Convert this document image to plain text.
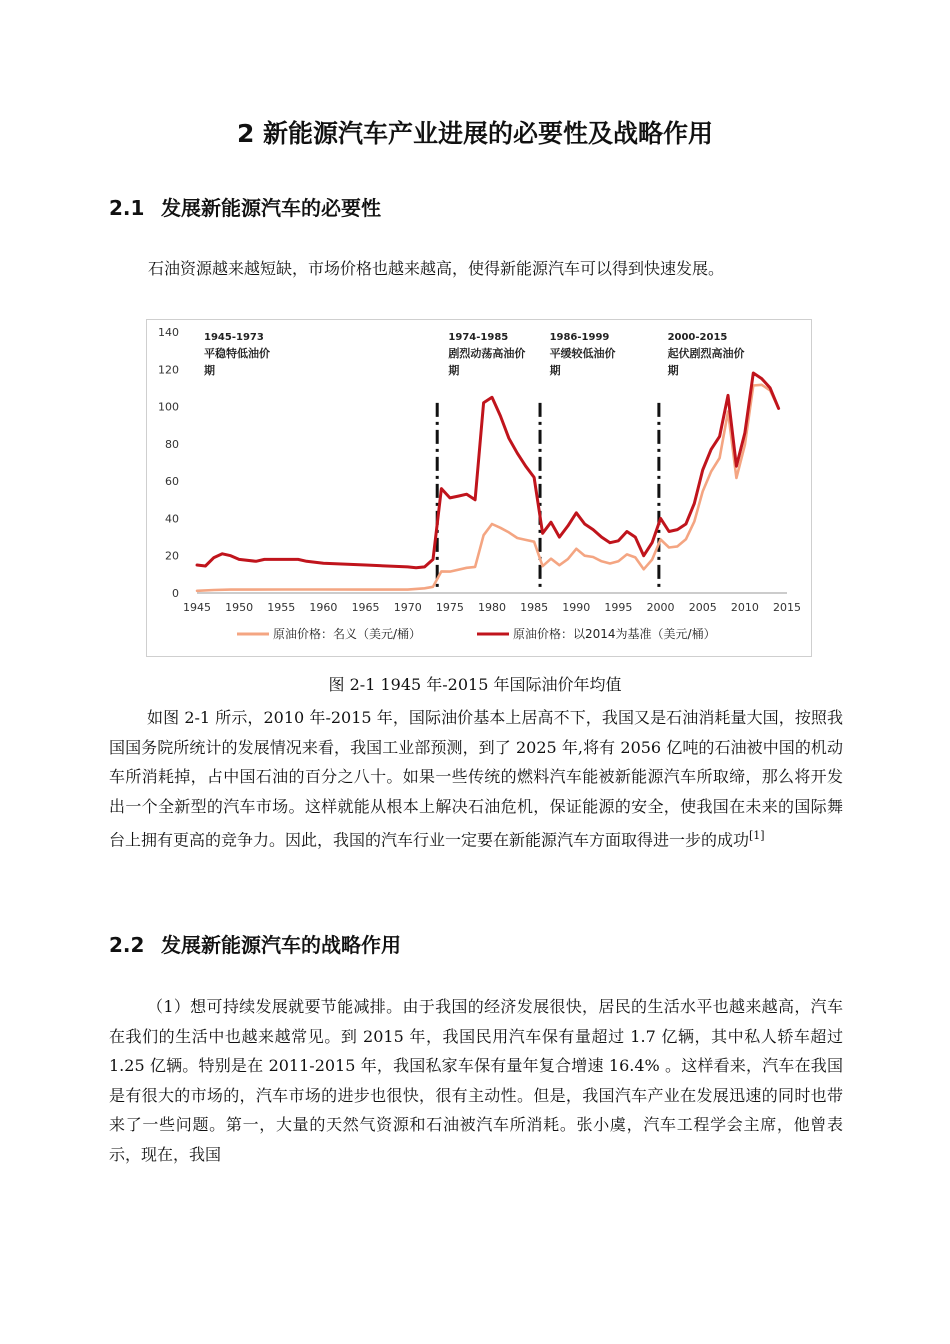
2 新能源汽车产业进展的必要性及战略作用
2.1 发展新能源汽车的必要性
石油资源越来越短缺，市场价格也越来越高，使得新能源汽车可以得到快速发展。
0
20
40
60
80
100
120
140
1945 1950 1955 1960 1965 1970 1975 1980 1985 1990 1995 2000 2005 2010 2015
1945-1973
平稳特低油价
期
1974-1985
剧烈动荡高油价
期
1986-1999
平缓较低油价
期
2000-2015
起伏剧烈高油价
期
原油价格：名义（美元/桶）	原油价格：以2014为基准（美元/桶）
图 2-1 1945 年-2015 年国际油价年均值
如图 2-1 所示，2010 年-2015 年，国际油价基本上居高不下，我国又是石油消耗量大国，按照我国国务院所统计的发展情况来看，我国工业部预测，到了 2025 年,将有 2056 亿吨的石油被中国的机动车所消耗掉，占中国石油的百分之八十。如果一些传统的燃料汽车能被新能源汽车所取缔，那么将开发出一个全新型的汽车市场。这样就能从根本上解决石油危机，保证能源的安全，使我国在未来的国际舞台上拥有更高的竞争力。因此，我国的汽车行业一定要在新能源汽车方面取得进一步的成功[1]
2.2 发展新能源汽车的战略作用
（1）想可持续发展就要节能减排。由于我国的经济发展很快，居民的生活水平也越来越高，汽车在我们的生活中也越来越常见。到 2015 年，我国民用汽车保有量超过 1.7 亿辆，其中私人轿车超过 1.25 亿辆。特别是在 2011-2015 年，我国私家车保有量年复合增速 16.4% 。这样看来，汽车在我国是有很大的市场的，汽车市场的进步也很快，很有主动性。但是，我国汽车产业在发展迅速的同时也带来了一些问题。第一，大量的天然气资源和石油被汽车所消耗。张小虞，汽车工程学会主席，他曾表示，现在，我国
